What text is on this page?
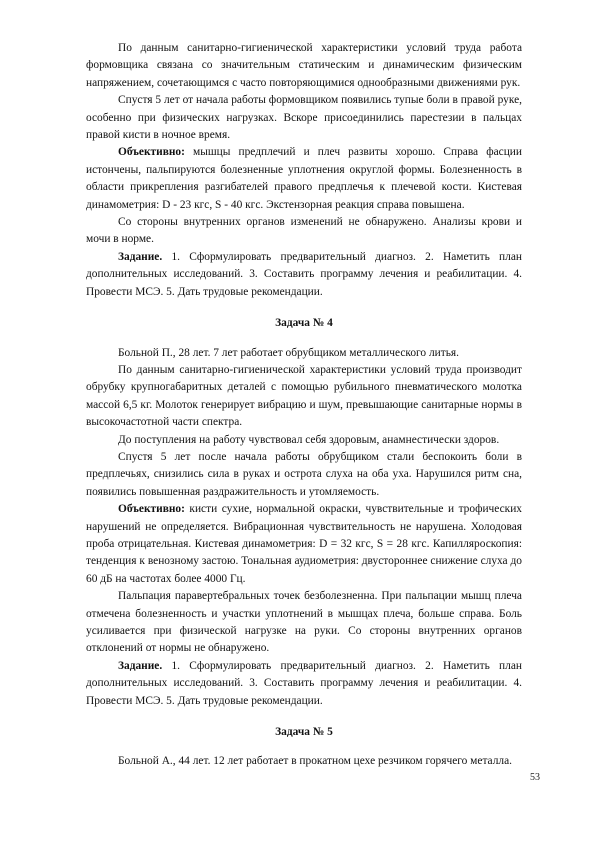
По данным санитарно-гигиенической характеристики условий труда работа формовщика связана со значительным статическим и динамическим физическим напряжением, сочетающимся с часто повторяющимися однообразными движениями рук.

Спустя 5 лет от начала работы формовщиком появились тупые боли в правой руке, особенно при физических нагрузках. Вскоре присоединились парестезии в пальцах правой кисти в ночное время.

Объективно: мышцы предплечий и плеч развиты хорошо. Справа фасции истончены, пальпируются болезненные уплотнения округлой формы. Болезненность в области прикрепления разгибателей правого предплечья к плечевой кости. Кистевая динамометрия: D - 23 кгс, S - 40 кгс. Экстензорная реакция справа повышена.

Со стороны внутренних органов изменений не обнаружено. Анализы крови и мочи в норме.

Задание. 1. Сформулировать предварительный диагноз. 2. Наметить план дополнительных исследований. 3. Составить программу лечения и реабилитации. 4. Провести МСЭ. 5. Дать трудовые рекомендации.

Задача № 4

Больной П., 28 лет. 7 лет работает обрубщиком металлического литья.

По данным санитарно-гигиенической характеристики условий труда производит обрубку крупногабаритных деталей с помощью рубильного пневматического молотка массой 6,5 кг. Молоток генерирует вибрацию и шум, превышающие санитарные нормы в высокочастотной части спектра.

До поступления на работу чувствовал себя здоровым, анамнестически здоров.

Спустя 5 лет после начала работы обрубщиком стали беспокоить боли в предплечьях, снизились сила в руках и острота слуха на оба уха. Нарушился ритм сна, появились повышенная раздражительность и утомляемость.

Объективно: кисти сухие, нормальной окраски, чувствительные и трофических нарушений не определяется. Вибрационная чувствительность не нарушена. Холодовая проба отрицательная. Кистевая динамометрия: D = 32 кгс, S = 28 кгс. Капилляроскопия: тенденция к венозному застою. Тональная аудиометрия: двустороннее снижение слуха до 60 дБ на частотах более 4000 Гц.

Пальпация паравертебральных точек безболезненна. При пальпации мышц плеча отмечена болезненность и участки уплотнений в мышцах плеча, больше справа. Боль усиливается при физической нагрузке на руки. Со стороны внутренних органов отклонений от нормы не обнаружено.

Задание. 1. Сформулировать предварительный диагноз. 2. Наметить план дополнительных исследований. 3. Составить программу лечения и реабилитации. 4. Провести МСЭ. 5. Дать трудовые рекомендации.

Задача № 5

Больной А., 44 лет. 12 лет работает в прокатном цехе резчиком горячего металла.

53
